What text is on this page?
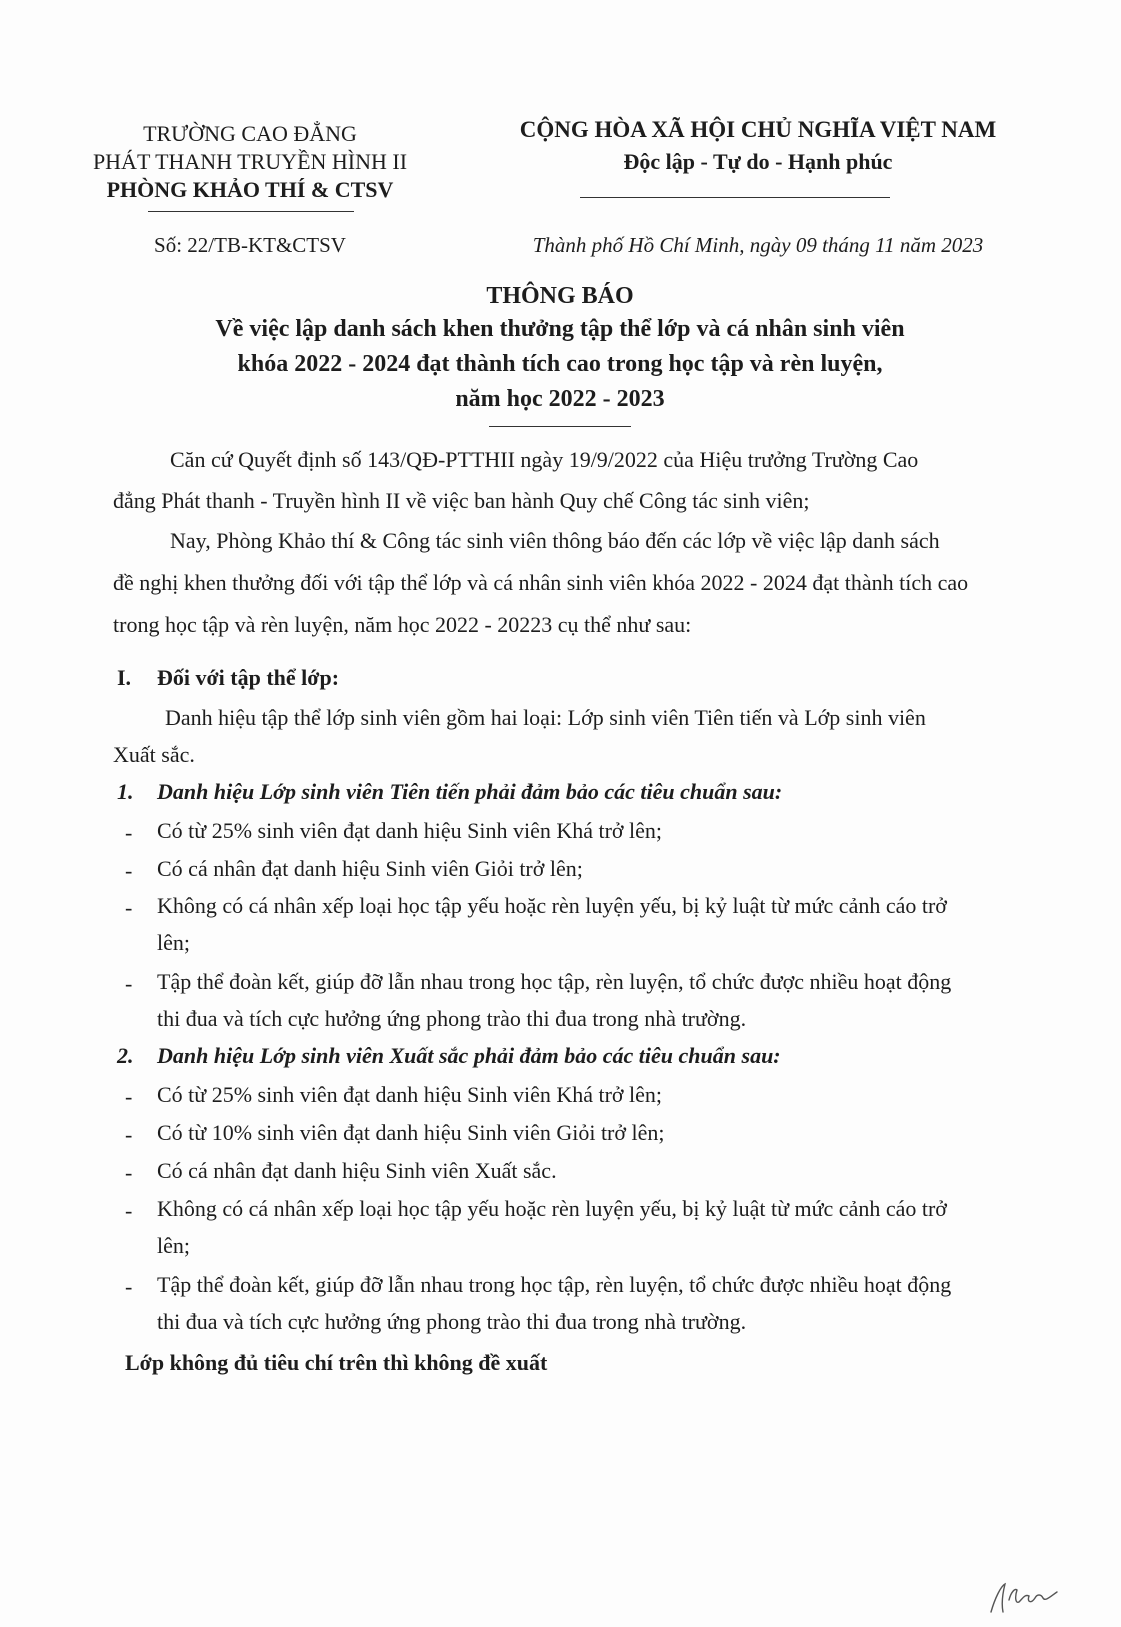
TRƯỜNG CAO ĐẲNG
PHÁT THANH TRUYỀN HÌNH II
PHÒNG KHẢO THÍ & CTSV
CỘNG HÒA XÃ HỘI CHỦ NGHĨA VIỆT NAM
Độc lập - Tự do - Hạnh phúc
Số: 22/TB-KT&CTSV	Thành phố Hồ Chí Minh, ngày 09 tháng 11 năm 2023
THÔNG BÁO
Về việc lập danh sách khen thưởng tập thể lớp và cá nhân sinh viên
khóa 2022 - 2024 đạt thành tích cao trong học tập và rèn luyện,
năm học 2022 - 2023
Căn cứ Quyết định số 143/QĐ-PTTHII ngày 19/9/2022 của Hiệu trưởng Trường Cao
đẳng Phát thanh - Truyền hình II về việc ban hành Quy chế Công tác sinh viên;
Nay, Phòng Khảo thí & Công tác sinh viên thông báo đến các lớp về việc lập danh sách
đề nghị khen thưởng đối với tập thể lớp và cá nhân sinh viên khóa 2022 - 2024 đạt thành tích cao
trong học tập và rèn luyện, năm học 2022 - 20223 cụ thể như sau:
I. Đối với tập thể lớp:
Danh hiệu tập thể lớp sinh viên gồm hai loại: Lớp sinh viên Tiên tiến và Lớp sinh viên
Xuất sắc.
1. Danh hiệu Lớp sinh viên Tiên tiến phải đảm bảo các tiêu chuẩn sau:
- Có từ 25% sinh viên đạt danh hiệu Sinh viên Khá trở lên;
- Có cá nhân đạt danh hiệu Sinh viên Giỏi trở lên;
- Không có cá nhân xếp loại học tập yếu hoặc rèn luyện yếu, bị kỷ luật từ mức cảnh cáo trở
lên;
- Tập thể đoàn kết, giúp đỡ lẫn nhau trong học tập, rèn luyện, tổ chức được nhiều hoạt động
thi đua và tích cực hưởng ứng phong trào thi đua trong nhà trường.
2. Danh hiệu Lớp sinh viên Xuất sắc phải đảm bảo các tiêu chuẩn sau:
- Có từ 25% sinh viên đạt danh hiệu Sinh viên Khá trở lên;
- Có từ 10% sinh viên đạt danh hiệu Sinh viên Giỏi trở lên;
- Có cá nhân đạt danh hiệu Sinh viên Xuất sắc.
- Không có cá nhân xếp loại học tập yếu hoặc rèn luyện yếu, bị kỷ luật từ mức cảnh cáo trở
lên;
- Tập thể đoàn kết, giúp đỡ lẫn nhau trong học tập, rèn luyện, tổ chức được nhiều hoạt động
thi đua và tích cực hưởng ứng phong trào thi đua trong nhà trường.
Lớp không đủ tiêu chí trên thì không đề xuất
